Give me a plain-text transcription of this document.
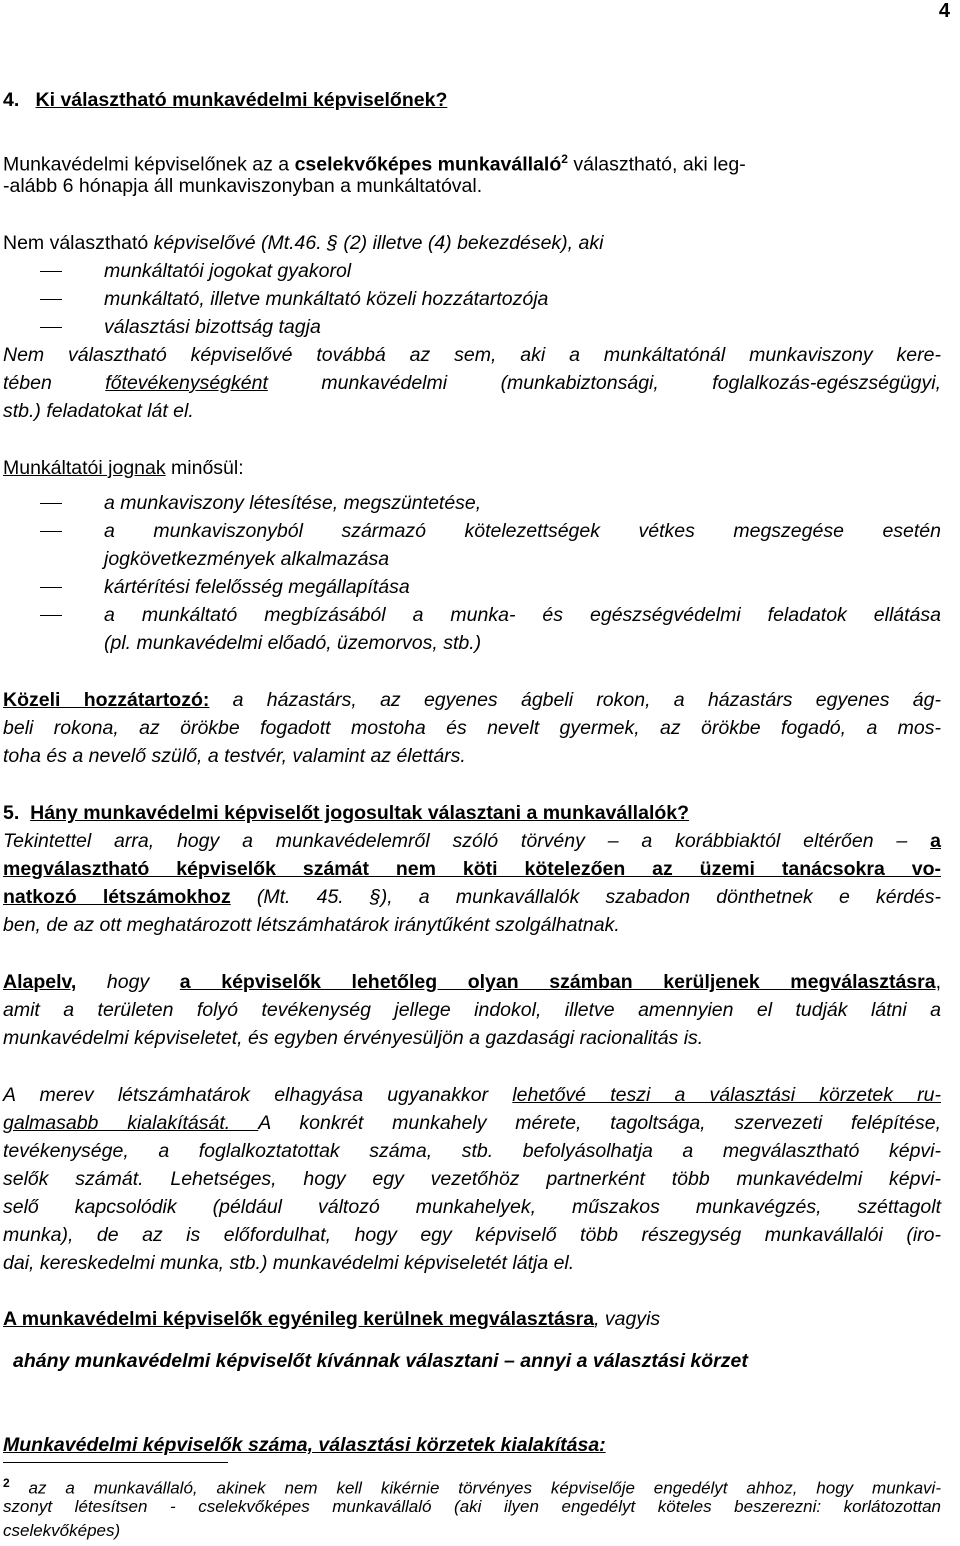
4
4. Ki választható munkavédelmi képviselőnek?
Munkavédelmi képviselőnek az a cselekvőképes munkavállaló$^2$ választható, aki leg-
-alább 6 hónapja áll munkaviszonyban a munkáltatóval.
Nem választható képviselővé (Mt.46. § (2) illetve (4) bekezdések), aki
munkáltatói jogokat gyakorol
munkáltató, illetve munkáltató közeli hozzátartozója
választási bizottság tagja
Nem választható képviselővé továbbá az sem, aki a munkáltatónál munkaviszony kere-
tében főtevékenységként munkavédelmi (munkabiztonsági, foglalkozás-egészségügyi,
stb.) feladatokat lát el.
Munkáltatói jognak minősül:
a munkaviszony létesítése, megszüntetése,
a munkaviszonyból származó kötelezettségek vétkes megszegése esetén
jogkövetkezmények alkalmazása
kártérítési felelősség megállapítása
a munkáltató megbízásából a munka- és egészségvédelmi feladatok ellátása
(pl. munkavédelmi előadó, üzemorvos, stb.)
Közeli hozzátartozó: a házastárs, az egyenes ágbeli rokon, a házastárs egyenes ág-
beli rokona, az örökbe fogadott mostoha és nevelt gyermek, az örökbe fogadó, a mos-
toha és a nevelő szülő, a testvér, valamint az élettárs.
5. Hány munkavédelmi képviselőt jogosultak választani a munkavállalók?
Tekintettel arra, hogy a munkavédelemről szóló törvény – a korábbiaktól eltérően – a
megválasztható képviselők számát nem köti kötelezően az üzemi tanácsokra vo-
natkozó létszámokhoz (Mt. 45. §), a munkavállalók szabadon dönthetnek e kérdés-
ben, de az ott meghatározott létszámhatárok iránytűként szolgálhatnak.
Alapelv, hogy a képviselők lehetőleg olyan számban kerüljenek megválasztásra,
amit a területen folyó tevékenység jellege indokol, illetve amennyien el tudják látni a
munkavédelmi képviseletet, és egyben érvényesüljön a gazdasági racionalitás is.
A merev létszámhatárok elhagyása ugyanakkor lehetővé teszi a választási körzetek ru-
galmasabb kialakítását. A konkrét munkahely mérete, tagoltsága, szervezeti felépítése,
tevékenysége, a foglalkoztatottak száma, stb. befolyásolhatja a megválasztható képvi-
selők számát. Lehetséges, hogy egy vezetőhöz partnerként több munkavédelmi képvi-
selő kapcsolódik (például változó munkahelyek, műszakos munkavégzés, széttagolt
munka), de az is előfordulhat, hogy egy képviselő több részegység munkavállalói (iro-
dai, kereskedelmi munka, stb.) munkavédelmi képviseletét látja el.
A munkavédelmi képviselők egyénileg kerülnek megválasztásra, vagyis
ahány munkavédelmi képviselőt kívánnak választani – annyi a választási körzet
Munkavédelmi képviselők száma, választási körzetek kialakítása:
$^2$ az a munkavállaló, akinek nem kell kikérnie törvényes képviselője engedélyt ahhoz, hogy munkavi-
szonyt létesítsen - cselekvőképes munkavállaló (aki ilyen engedélyt köteles beszerezni: korlátozottan
cselekvőképes)
